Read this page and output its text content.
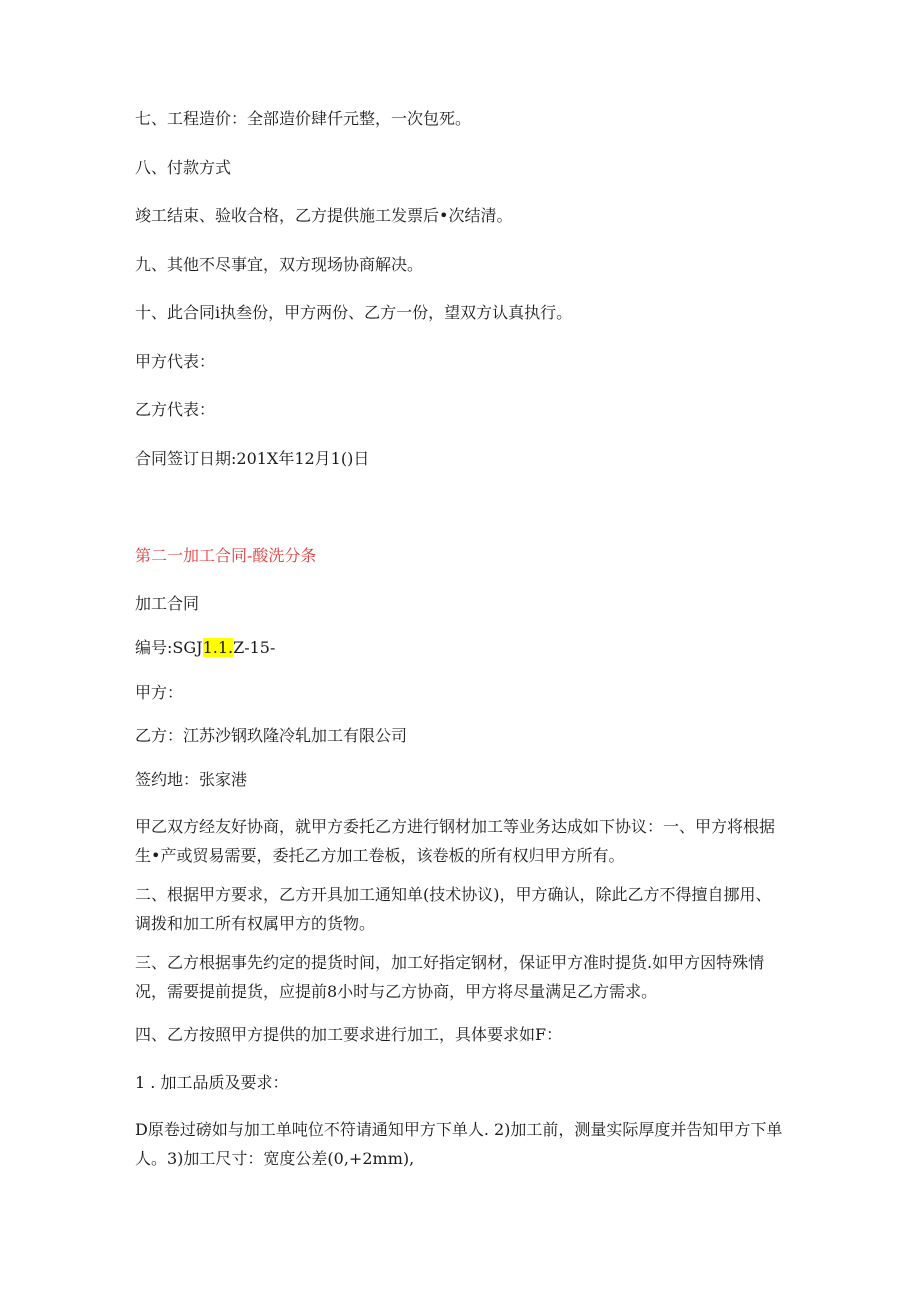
七、工程造价：全部造价肆仟元整，一次包死。

八、付款方式

竣工结束、验收合格，乙方提供施工发票后•次结清。

九、其他不尽事宜，双方现场协商解决。

十、此合同i执叁份，甲方两份、乙方一份，望双方认真执行。

甲方代表：

乙方代表：

合同签订日期:201X年12月1()日

第二一加工合同-酸洗分条

加工合同

编号:SGJ1.1.Z-15-

甲方：

乙方：江苏沙钢玖隆冷轧加工有限公司

签约地：张家港

甲乙双方经友好协商，就甲方委托乙方进行钢材加工等业务达成如下协议：一、甲方将根据生•产或贸易需要，委托乙方加工卷板，该卷板的所有权归甲方所有。

二、根据甲方要求，乙方开具加工通知单(技术协议)，甲方确认，除此乙方不得擅自挪用、调拨和加工所有权属甲方的货物。

三、乙方根据事先约定的提货时间，加工好指定钢材，保证甲方准时提货.如甲方因特殊情况，需要提前提货，应提前8小时与乙方协商，甲方将尽量满足乙方需求。

四、乙方按照甲方提供的加工要求进行加工，具体要求如F：

1 . 加工品质及要求：

D原卷过磅如与加工单吨位不符请通知甲方下单人. 2)加工前，测量实际厚度并告知甲方下单人。3)加工尺寸：宽度公差(0,+2mm),
